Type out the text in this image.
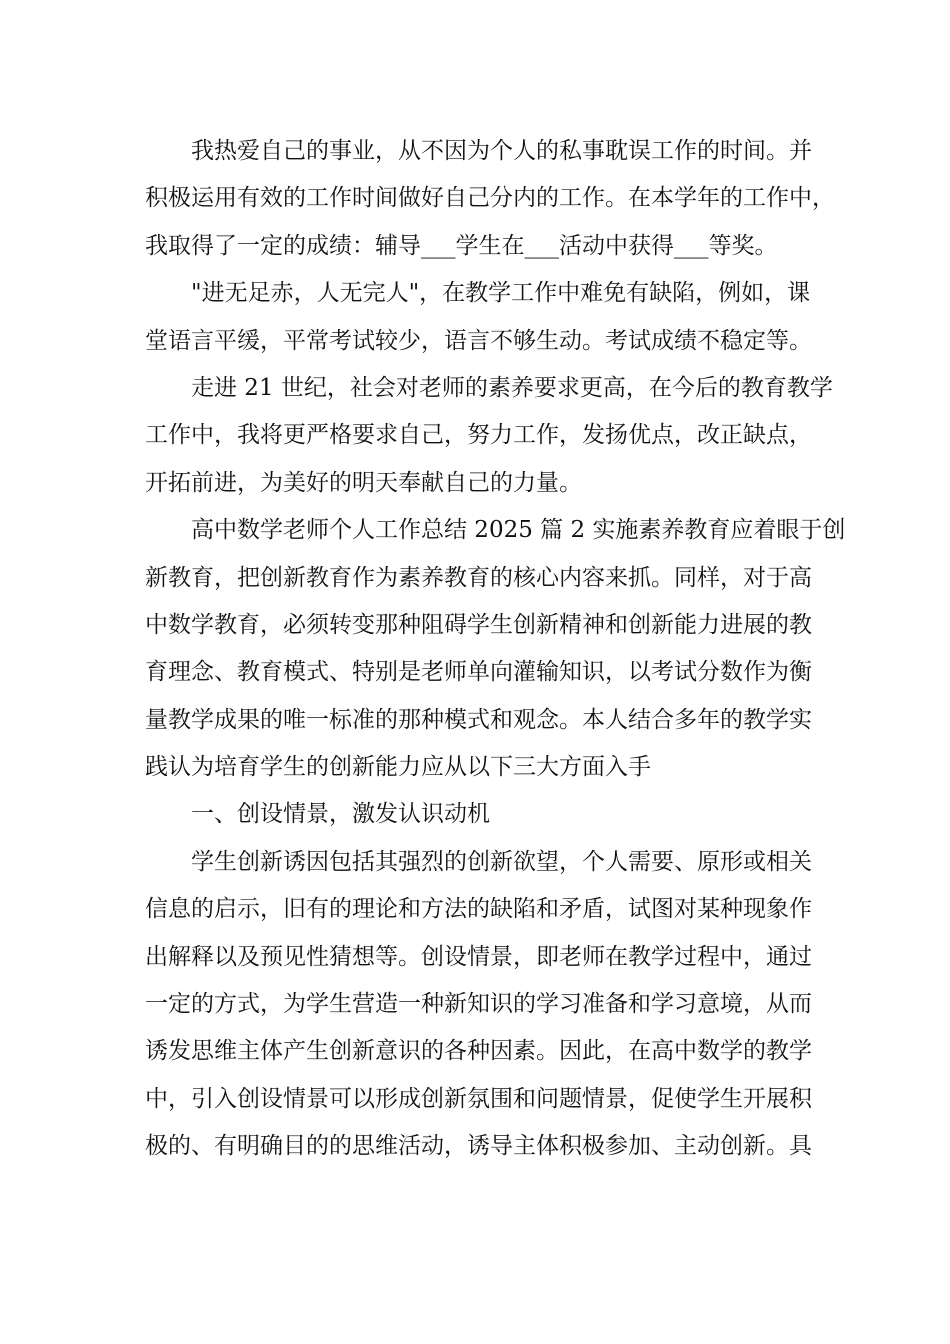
我热爱自己的事业，从不因为个人的私事耽误工作的时间。并
积极运用有效的工作时间做好自己分内的工作。在本学年的工作中，
我取得了一定的成绩：辅导___学生在___活动中获得___等奖。
"进无足赤，人无完人"，在教学工作中难免有缺陷，例如，课
堂语言平缓，平常考试较少，语言不够生动。考试成绩不稳定等。
走进 21 世纪，社会对老师的素养要求更高，在今后的教育教学
工作中，我将更严格要求自己，努力工作，发扬优点，改正缺点，
开拓前进，为美好的明天奉献自己的力量。
高中数学老师个人工作总结 2025 篇 2 实施素养教育应着眼于创
新教育，把创新教育作为素养教育的核心内容来抓。同样，对于高
中数学教育，必须转变那种阻碍学生创新精神和创新能力进展的教
育理念、教育模式、特别是老师单向灌输知识，以考试分数作为衡
量教学成果的唯一标准的那种模式和观念。本人结合多年的教学实
践认为培育学生的创新能力应从以下三大方面入手
一、创设情景，激发认识动机
学生创新诱因包括其强烈的创新欲望，个人需要、原形或相关
信息的启示，旧有的理论和方法的缺陷和矛盾，试图对某种现象作
出解释以及预见性猜想等。创设情景，即老师在教学过程中，通过
一定的方式，为学生营造一种新知识的学习准备和学习意境，从而
诱发思维主体产生创新意识的各种因素。因此，在高中数学的教学
中，引入创设情景可以形成创新氛围和问题情景，促使学生开展积
极的、有明确目的的思维活动，诱导主体积极参加、主动创新。具
